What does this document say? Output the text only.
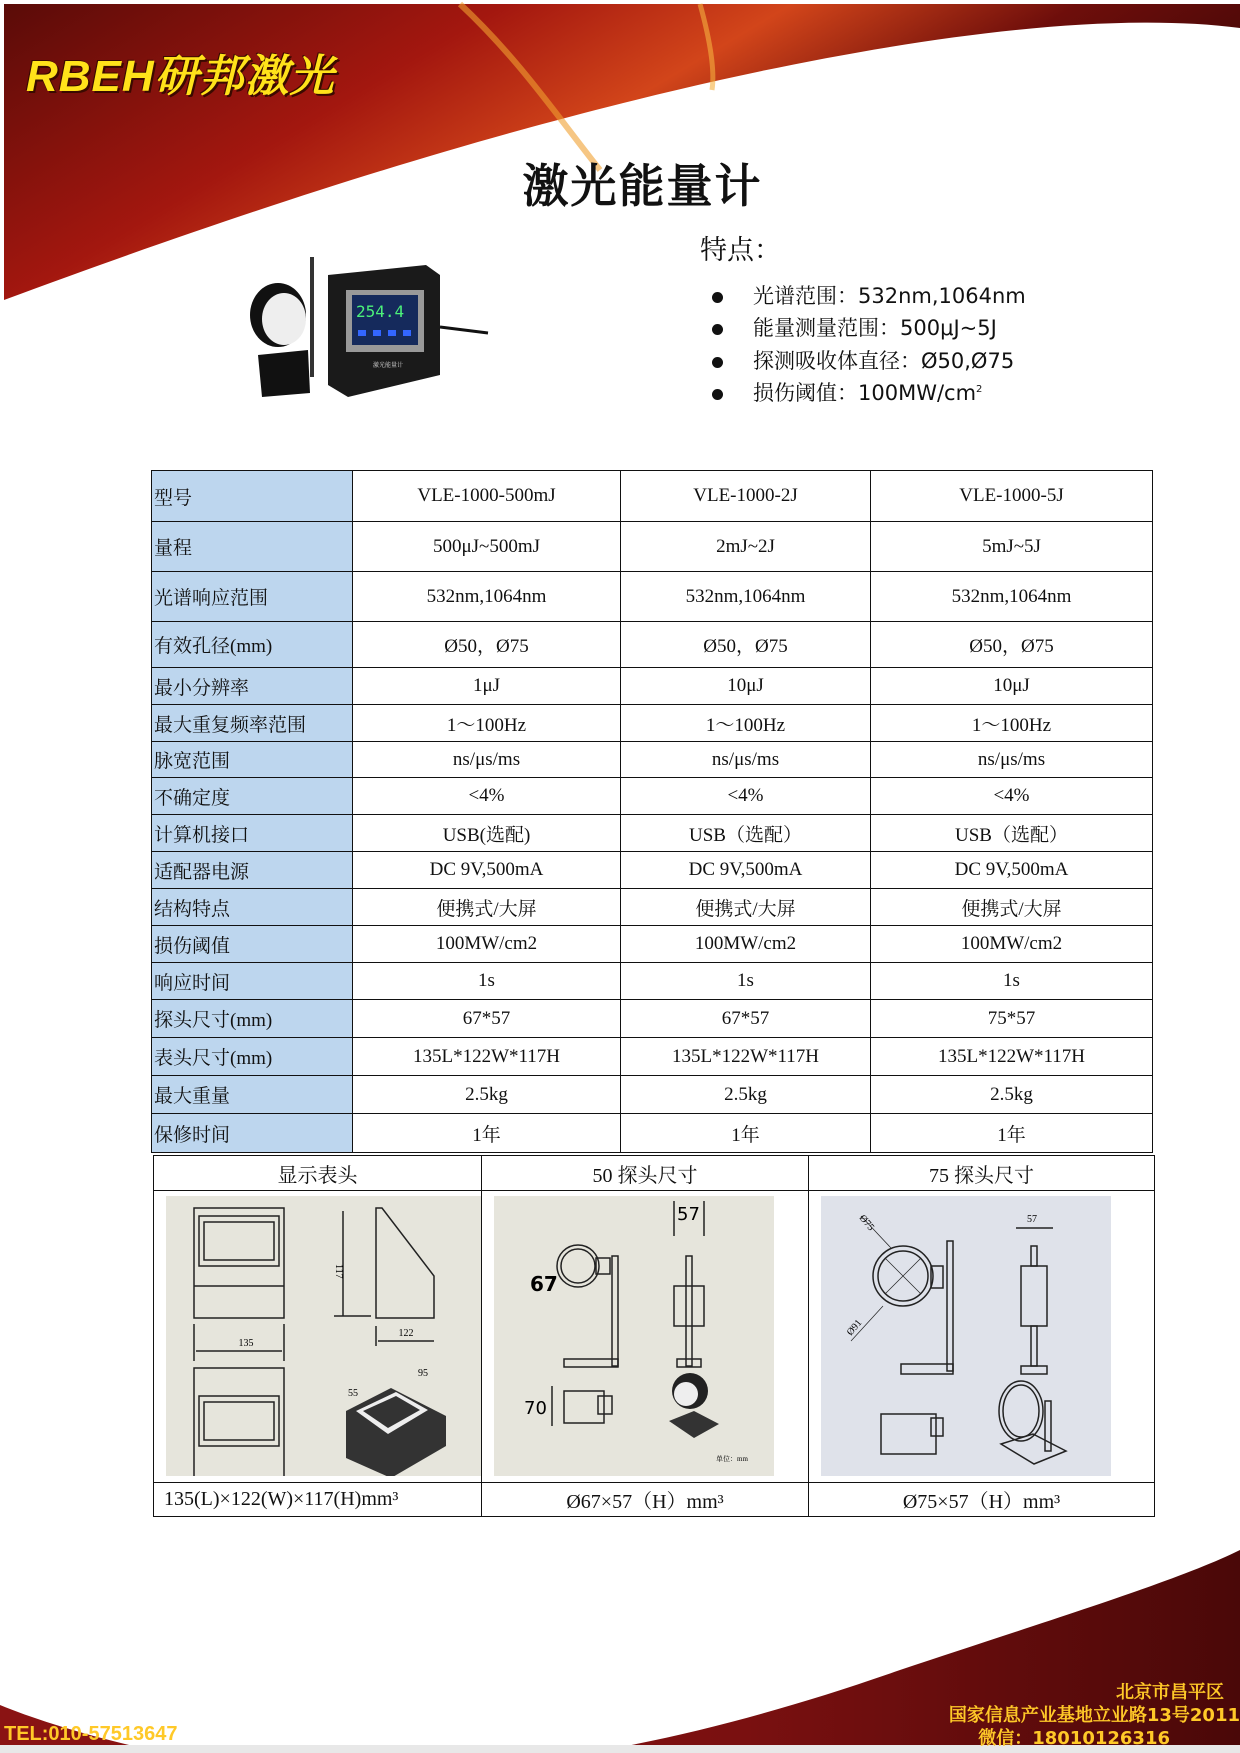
RBEH研邦激光
激光能量计
254.4
激光能量计
特点：
光谱范围：532nm,1064nm
能量测量范围：500μJ~5J
探测吸收体直径：Ø50,Ø75
损伤阈值：$100MW/cm^2$
型号	VLE-1000-500mJ	VLE-1000-2J	VLE-1000-5J
量程	500μJ~500mJ	2mJ~2J	5mJ~5J
光谱响应范围	532nm,1064nm	532nm,1064nm	532nm,1064nm
有效孔径(mm)	Ø50，Ø75	Ø50，Ø75	Ø50，Ø75
最小分辨率	1μJ	10μJ	10μJ
最大重复频率范围	1～100Hz	1～100Hz	1～100Hz
脉宽范围	ns/μs/ms	ns/μs/ms	ns/μs/ms
不确定度	<4%	<4%	<4%
计算机接口	USB(选配)	USB（选配）	USB（选配）
适配器电源	DC 9V,500mA	DC 9V,500mA	DC 9V,500mA
结构特点	便携式/大屏	便携式/大屏	便携式/大屏
损伤阈值	100MW/cm2	100MW/cm2	100MW/cm2
响应时间	1s	1s	1s
探头尺寸(mm)	67*57	67*57	75*57
表头尺寸(mm)	135L*122W*117H	135L*122W*117H	135L*122W*117H
最大重量	2.5kg	2.5kg	2.5kg
保修时间	1年	1年	1年
显示表头	50 探头尺寸	75 探头尺寸

135
122
117
55
95	67
57
70
单位：mm	Ø75
Ø91
57

135(L)×122(W)×117(H)mm³	Ø67×57（H）mm³	Ø75×57（H）mm³
TEL:010-57513647
北京市昌平区
国家信息产业基地立业路13号2011
微信：18010126316
